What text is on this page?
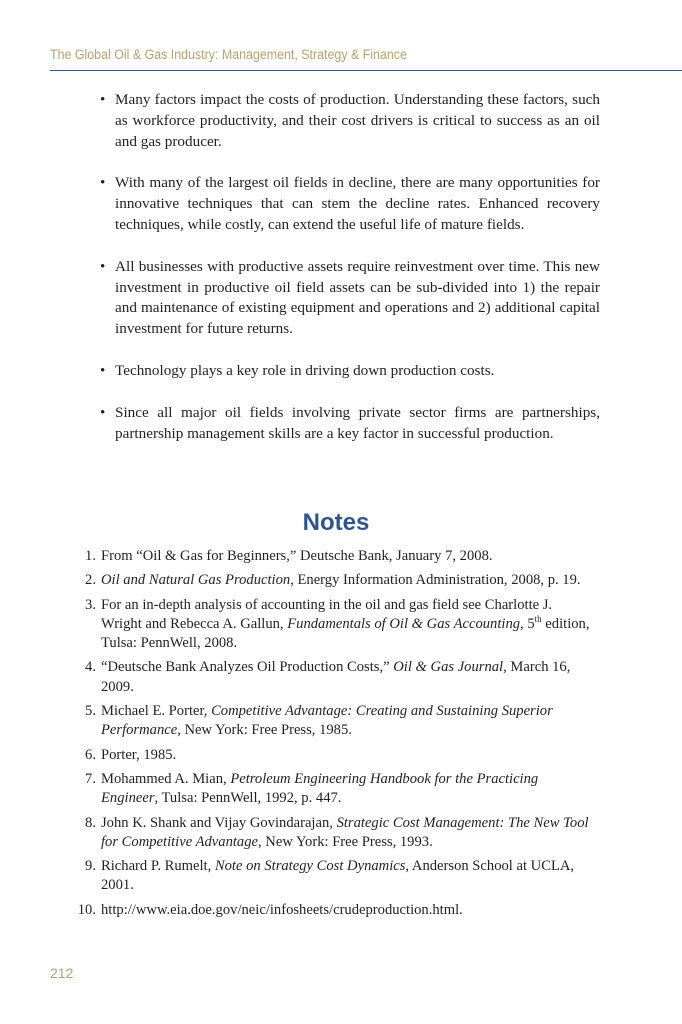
The Global Oil & Gas Industry: Management, Strategy & Finance
• Many factors impact the costs of production. Understanding these factors, such as workforce productivity, and their cost drivers is critical to success as an oil and gas producer.
• With many of the largest oil fields in decline, there are many opportunities for innovative techniques that can stem the decline rates. Enhanced recovery techniques, while costly, can extend the useful life of mature fields.
• All businesses with productive assets require reinvestment over time. This new investment in productive oil field assets can be sub-divided into 1) the repair and maintenance of existing equipment and operations and 2) additional capital investment for future returns.
• Technology plays a key role in driving down production costs.
• Since all major oil fields involving private sector firms are partnerships, partnership management skills are a key factor in successful production.
Notes
1. From “Oil & Gas for Beginners,” Deutsche Bank, January 7, 2008.
2. Oil and Natural Gas Production, Energy Information Administration, 2008, p. 19.
3. For an in-depth analysis of accounting in the oil and gas field see Charlotte J. Wright and Rebecca A. Gallun, Fundamentals of Oil & Gas Accounting, 5th edition, Tulsa: PennWell, 2008.
4. “Deutsche Bank Analyzes Oil Production Costs,” Oil & Gas Journal, March 16, 2009.
5. Michael E. Porter, Competitive Advantage: Creating and Sustaining Superior Performance, New York: Free Press, 1985.
6. Porter, 1985.
7. Mohammed A. Mian, Petroleum Engineering Handbook for the Practicing Engineer, Tulsa: PennWell, 1992, p. 447.
8. John K. Shank and Vijay Govindarajan, Strategic Cost Management: The New Tool for Competitive Advantage, New York: Free Press, 1993.
9. Richard P. Rumelt, Note on Strategy Cost Dynamics, Anderson School at UCLA, 2001.
10. http://www.eia.doe.gov/neic/infosheets/crudeproduction.html.
212
